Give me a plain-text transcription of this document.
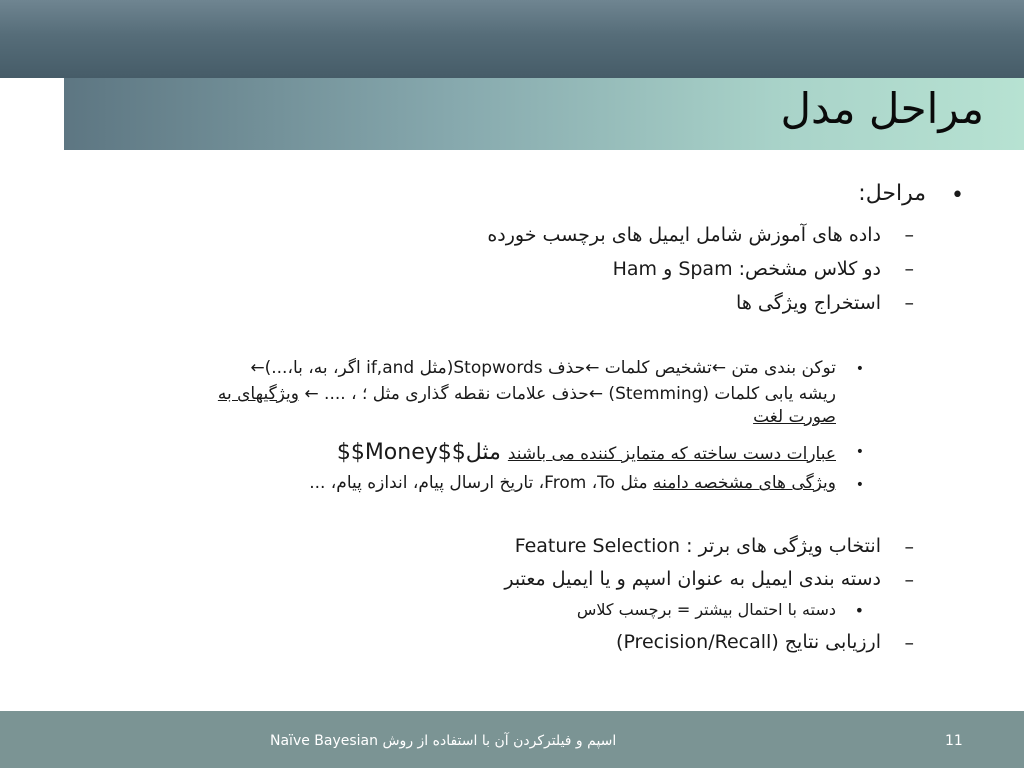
مراحل مدل
•
مراحل:
–
داده های آموزش شامل ایمیل های برچسب خورده
–
دو کلاس مشخص: Spam و Ham
–
استخراج ویژگی ها
•
توکن بندی متن ←تشخیص کلمات ←حذف Stopwords(مثل if,and اگر، به، با،...)←
ریشه یابی کلمات (Stemming) ←حذف علامات نقطه گذاری مثل ؛ ، .... ← ویژگیهای به
صورت لغت
•
عبارات دست ساخته که متمایز کننده می باشند مثل$$Money$$
•
ویژگی های مشخصه دامنه مثل From ،To، تاریخ ارسال پیام، اندازه پیام، ...
–
انتخاب ویژگی های برتر : Feature Selection
–
دسته بندی ایمیل به عنوان اسپم و یا ایمیل معتبر
•
دسته با احتمال بیشتر = برچسب کلاس
–
ارزیابی نتایج (Precision/Recall)
اسپم و فیلترکردن آن با استفاده از روش Naïve Bayesian	11
